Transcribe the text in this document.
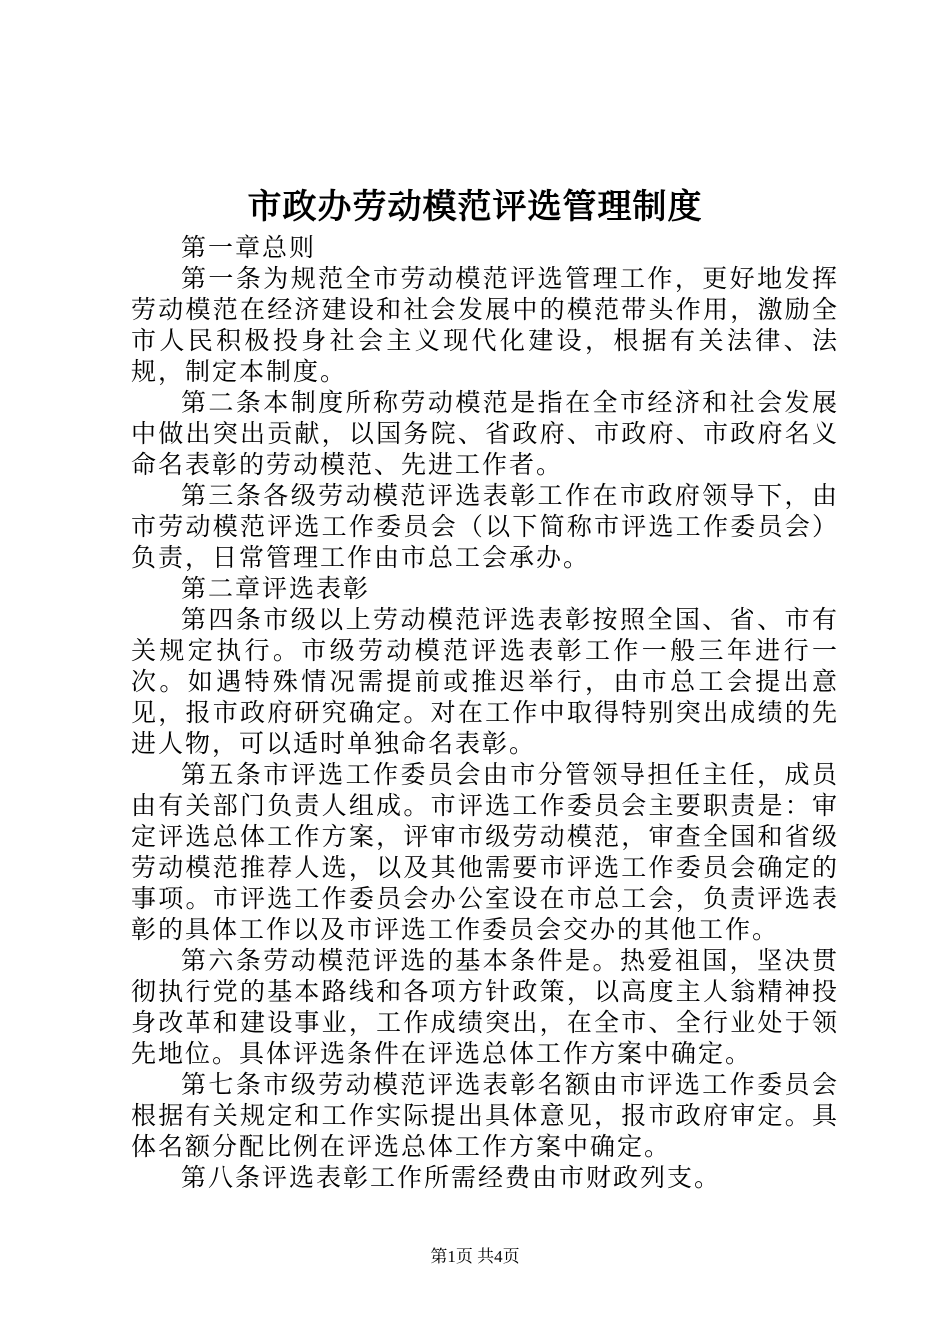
市政办劳动模范评选管理制度

第一章总则

第一条为规范全市劳动模范评选管理工作，更好地发挥劳动模范在经济建设和社会发展中的模范带头作用，激励全市人民积极投身社会主义现代化建设，根据有关法律、法规，制定本制度。

第二条本制度所称劳动模范是指在全市经济和社会发展中做出突出贡献，以国务院、省政府、市政府、市政府名义命名表彰的劳动模范、先进工作者。

第三条各级劳动模范评选表彰工作在市政府领导下，由市劳动模范评选工作委员会（以下简称市评选工作委员会）负责，日常管理工作由市总工会承办。

第二章评选表彰

第四条市级以上劳动模范评选表彰按照全国、省、市有关规定执行。市级劳动模范评选表彰工作一般三年进行一次。如遇特殊情况需提前或推迟举行，由市总工会提出意见，报市政府研究确定。对在工作中取得特别突出成绩的先进人物，可以适时单独命名表彰。

第五条市评选工作委员会由市分管领导担任主任，成员由有关部门负责人组成。市评选工作委员会主要职责是：审定评选总体工作方案，评审市级劳动模范，审查全国和省级劳动模范推荐人选，以及其他需要市评选工作委员会确定的事项。市评选工作委员会办公室设在市总工会，负责评选表彰的具体工作以及市评选工作委员会交办的其他工作。

第六条劳动模范评选的基本条件是。热爱祖国，坚决贯彻执行党的基本路线和各项方针政策，以高度主人翁精神投身改革和建设事业，工作成绩突出，在全市、全行业处于领先地位。具体评选条件在评选总体工作方案中确定。

第七条市级劳动模范评选表彰名额由市评选工作委员会根据有关规定和工作实际提出具体意见，报市政府审定。具体名额分配比例在评选总体工作方案中确定。

第八条评选表彰工作所需经费由市财政列支。

第1页 共4页
